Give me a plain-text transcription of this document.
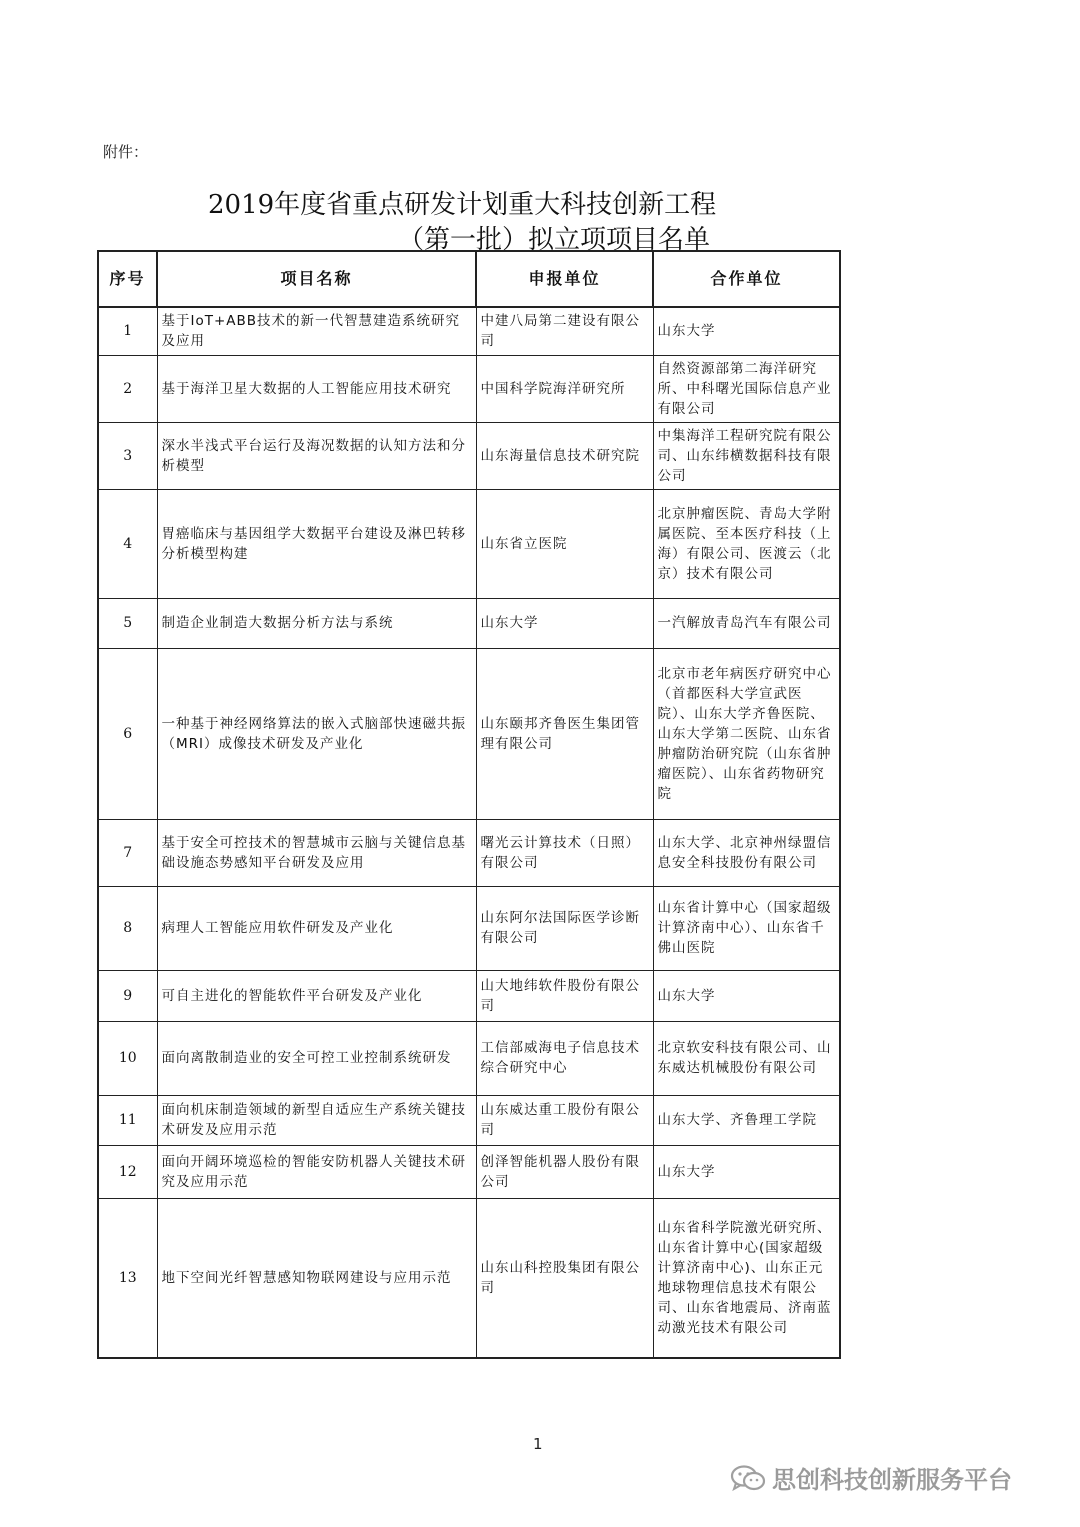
附件：
2019年度省重点研发计划重大科技创新工程
（第一批）拟立项项目名单
序号	项目名称	申报单位	合作单位
1	基于IoT+ABB技术的新一代智慧建造系统研究及应用	中建八局第二建设有限公司	山东大学
2	基于海洋卫星大数据的人工智能应用技术研究	中国科学院海洋研究所	自然资源部第二海洋研究所、中科曙光国际信息产业有限公司
3	深水半浅式平台运行及海况数据的认知方法和分析模型	山东海量信息技术研究院	中集海洋工程研究院有限公司、山东纬横数据科技有限公司
4	胃癌临床与基因组学大数据平台建设及淋巴转移分析模型构建	山东省立医院	北京肿瘤医院、青岛大学附属医院、至本医疗科技（上海）有限公司、医渡云（北京）技术有限公司
5	制造企业制造大数据分析方法与系统	山东大学	一汽解放青岛汽车有限公司
6	一种基于神经网络算法的嵌入式脑部快速磁共振（MRI）成像技术研发及产业化	山东颐邦齐鲁医生集团管理有限公司	北京市老年病医疗研究中心（首都医科大学宣武医院）、山东大学齐鲁医院、山东大学第二医院、山东省肿瘤防治研究院（山东省肿瘤医院）、山东省药物研究院
7	基于安全可控技术的智慧城市云脑与关键信息基础设施态势感知平台研发及应用	曙光云计算技术（日照）有限公司	山东大学、北京神州绿盟信息安全科技股份有限公司
8	病理人工智能应用软件研发及产业化	山东阿尔法国际医学诊断有限公司	山东省计算中心（国家超级计算济南中心）、山东省千佛山医院
9	可自主进化的智能软件平台研发及产业化	山大地纬软件股份有限公司	山东大学
10	面向离散制造业的安全可控工业控制系统研发	工信部威海电子信息技术综合研究中心	北京软安科技有限公司、山东威达机械股份有限公司
11	面向机床制造领域的新型自适应生产系统关键技术研发及应用示范	山东威达重工股份有限公司	山东大学、齐鲁理工学院
12	面向开阔环境巡检的智能安防机器人关键技术研究及应用示范	创泽智能机器人股份有限公司	山东大学
13	地下空间光纤智慧感知物联网建设与应用示范	山东山科控股集团有限公司	山东省科学院激光研究所、山东省计算中心(国家超级计算济南中心)、山东正元地球物理信息技术有限公司、山东省地震局、济南蓝动激光技术有限公司
1
思创科技创新服务平台
